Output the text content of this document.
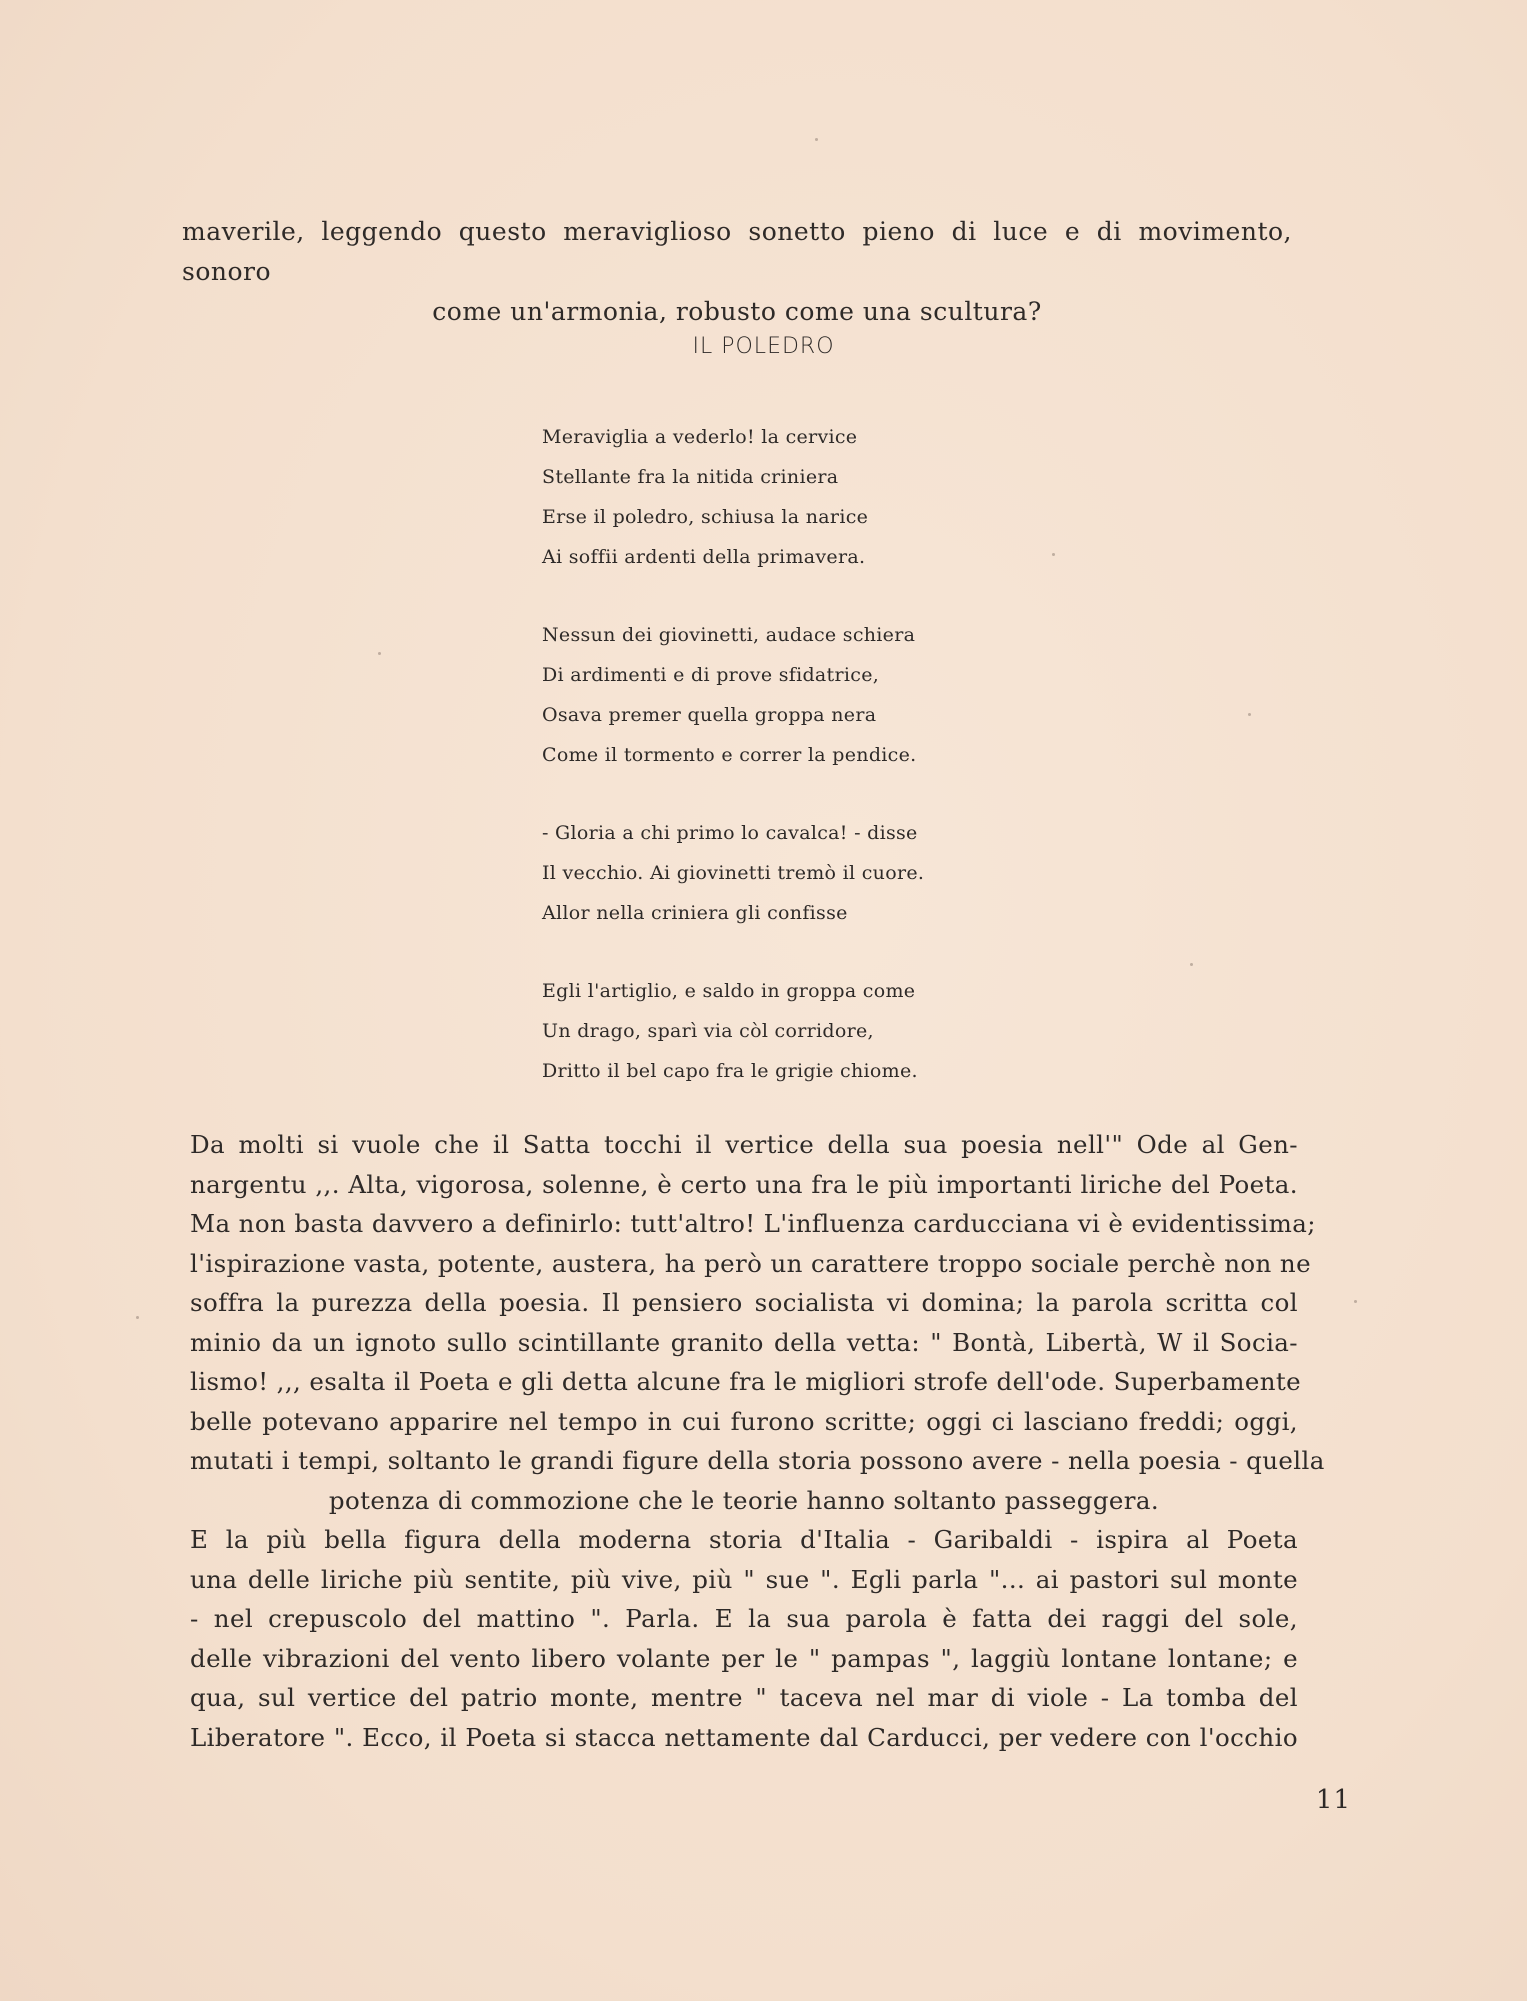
maverile, leggendo questo meraviglioso sonetto pieno di luce e di movimento, sonoro
come un'armonia, robusto come una scultura?
IL POLEDRO
Meraviglia a vederlo! la cervice
Stellante fra la nitida criniera
Erse il poledro, schiusa la narice
Ai soffii ardenti della primavera.
Nessun dei giovinetti, audace schiera
Di ardimenti e di prove sfidatrice,
Osava premer quella groppa nera
Come il tormento e correr la pendice.
- Gloria a chi primo lo cavalca! - disse
Il vecchio. Ai giovinetti tremò il cuore.
Allor nella criniera gli confisse
Egli l'artiglio, e saldo in groppa come
Un drago, sparì via còl corridore,
Dritto il bel capo fra le grigie chiome.
Da molti si vuole che il Satta tocchi il vertice della sua poesia nell'" Ode al Gen-
nargentu ,,. Alta, vigorosa, solenne, è certo una fra le più importanti liriche del Poeta.
Ma non basta davvero a definirlo: tutt'altro! L'influenza carducciana vi è evidentissima;
l'ispirazione vasta, potente, austera, ha però un carattere troppo sociale perchè non ne
soffra la purezza della poesia. Il pensiero socialista vi domina; la parola scritta col
minio da un ignoto sullo scintillante granito della vetta: " Bontà, Libertà, W il Socia-
lismo! ,,, esalta il Poeta e gli detta alcune fra le migliori strofe dell'ode. Superbamente
belle potevano apparire nel tempo in cui furono scritte; oggi ci lasciano freddi; oggi,
mutati i tempi, soltanto le grandi figure della storia possono avere - nella poesia - quella
potenza di commozione che le teorie hanno soltanto passeggera.
E la più bella figura della moderna storia d'Italia - Garibaldi - ispira al Poeta
una delle liriche più sentite, più vive, più " sue ". Egli parla "... ai pastori sul monte
- nel crepuscolo del mattino ". Parla. E la sua parola è fatta dei raggi del sole,
delle vibrazioni del vento libero volante per le " pampas ", laggiù lontane lontane; e
qua, sul vertice del patrio monte, mentre " taceva nel mar di viole - La tomba del
Liberatore ". Ecco, il Poeta si stacca nettamente dal Carducci, per vedere con l'occhio
11
